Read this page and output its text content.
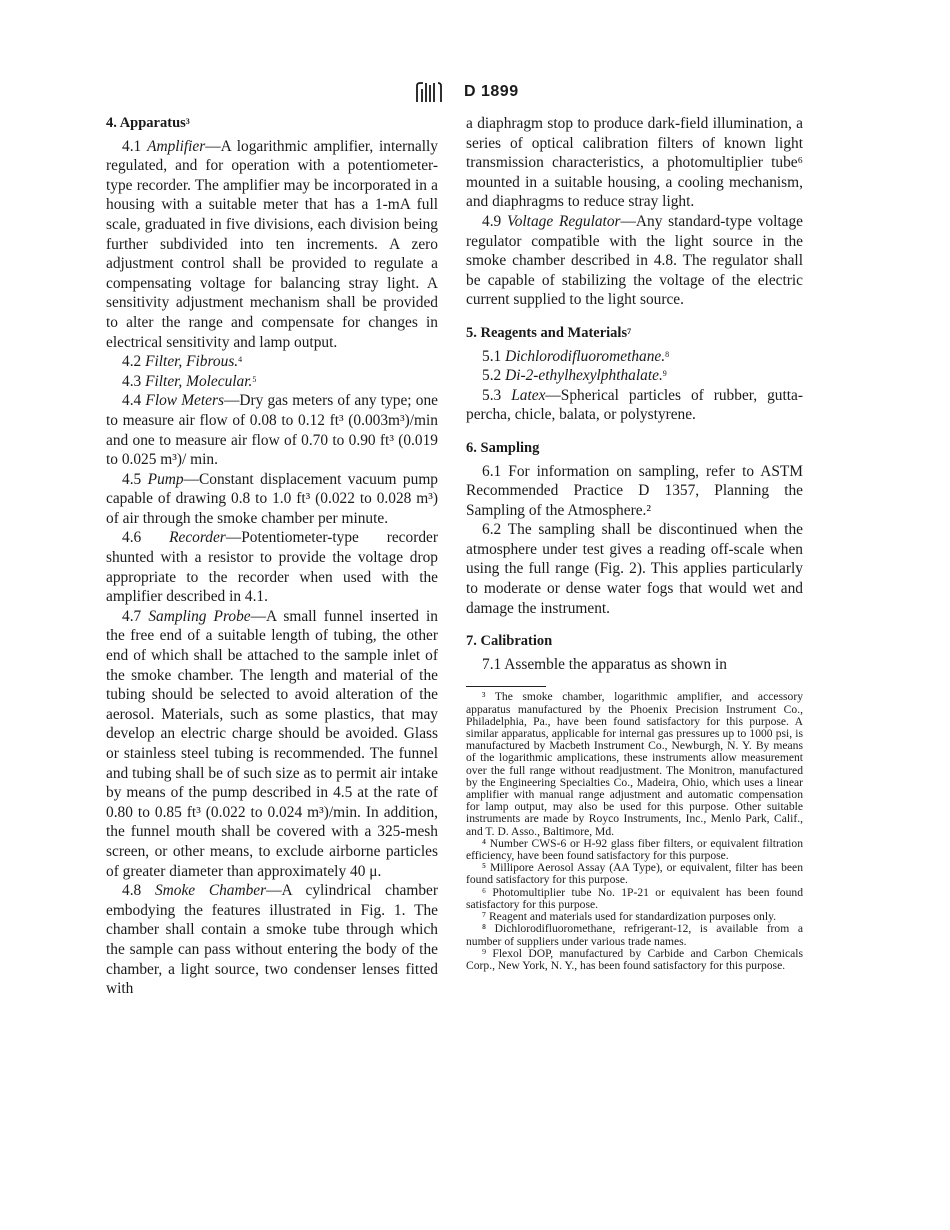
D 1899
4. Apparatus$^3$

4.1 Amplifier—A logarithmic amplifier, internally regulated, and for operation with a potentiometer-type recorder. The amplifier may be incorporated in a housing with a suitable meter that has a 1-mA full scale, graduated in five divisions, each division being further subdivided into ten increments. A zero adjustment control shall be provided to regulate a compensating voltage for balancing stray light. A sensitivity adjustment mechanism shall be provided to alter the range and compensate for changes in electrical sensitivity and lamp output.

4.2 Filter, Fibrous.$^4$

4.3 Filter, Molecular.$^5$

4.4 Flow Meters—Dry gas meters of any type; one to measure air flow of 0.08 to 0.12 ft³ (0.003m³)/min and one to measure air flow of 0.70 to 0.90 ft³ (0.019 to 0.025 m³)/ min.

4.5 Pump—Constant displacement vacuum pump capable of drawing 0.8 to 1.0 ft³ (0.022 to 0.028 m³) of air through the smoke chamber per minute.

4.6 Recorder—Potentiometer-type recorder shunted with a resistor to provide the voltage drop appropriate to the recorder when used with the amplifier described in 4.1.

4.7 Sampling Probe—A small funnel inserted in the free end of a suitable length of tubing, the other end of which shall be attached to the sample inlet of the smoke chamber. The length and material of the tubing should be selected to avoid alteration of the aerosol. Materials, such as some plastics, that may develop an electric charge should be avoided. Glass or stainless steel tubing is recommended. The funnel and tubing shall be of such size as to permit air intake by means of the pump described in 4.5 at the rate of 0.80 to 0.85 ft³ (0.022 to 0.024 m³)/min. In addition, the funnel mouth shall be covered with a 325-mesh screen, or other means, to exclude airborne particles of greater diameter than approximately 40 μ.

4.8 Smoke Chamber—A cylindrical chamber embodying the features illustrated in Fig. 1. The chamber shall contain a smoke tube through which the sample can pass without entering the body of the chamber, a light source, two condenser lenses fitted with

a diaphragm stop to produce dark-field illumination, a series of optical calibration filters of known light transmission characteristics, a photomultiplier tube⁶ mounted in a suitable housing, a cooling mechanism, and diaphragms to reduce stray light.

4.9 Voltage Regulator—Any standard-type voltage regulator compatible with the light source in the smoke chamber described in 4.8. The regulator shall be capable of stabilizing the voltage of the electric current supplied to the light source.

5. Reagents and Materials$^7$

5.1 Dichlorodifluoromethane.$^8$

5.2 Di-2-ethylhexylphthalate.$^9$

5.3 Latex—Spherical particles of rubber, gutta-percha, chicle, balata, or polystyrene.

6. Sampling

6.1 For information on sampling, refer to ASTM Recommended Practice D 1357, Planning the Sampling of the Atmosphere.²

6.2 The sampling shall be discontinued when the atmosphere under test gives a reading off-scale when using the full range (Fig. 2). This applies particularly to moderate or dense water fogs that would wet and damage the instrument.

7. Calibration

7.1 Assemble the apparatus as shown in

³ The smoke chamber, logarithmic amplifier, and accessory apparatus manufactured by the Phoenix Precision Instrument Co., Philadelphia, Pa., have been found satisfactory for this purpose. A similar apparatus, applicable for internal gas pressures up to 1000 psi, is manufactured by Macbeth Instrument Co., Newburgh, N. Y. By means of the logarithmic amplications, these instruments allow measurement over the full range without readjustment. The Monitron, manufactured by the Engineering Specialties Co., Madeira, Ohio, which uses a linear amplifier with manual range adjustment and automatic compensation for lamp output, may also be used for this purpose. Other suitable instruments are made by Royco Instruments, Inc., Menlo Park, Calif., and T. D. Asso., Baltimore, Md.

⁴ Number CWS-6 or H-92 glass fiber filters, or equivalent filtration efficiency, have been found satisfactory for this purpose.

⁵ Millipore Aerosol Assay (AA Type), or equivalent, filter has been found satisfactory for this purpose.

⁶ Photomultiplier tube No. 1P-21 or equivalent has been found satisfactory for this purpose.

⁷ Reagent and materials used for standardization purposes only.

⁸ Dichlorodifluoromethane, refrigerant-12, is available from a number of suppliers under various trade names.

⁹ Flexol DOP, manufactured by Carbide and Carbon Chemicals Corp., New York, N. Y., has been found satisfactory for this purpose.
